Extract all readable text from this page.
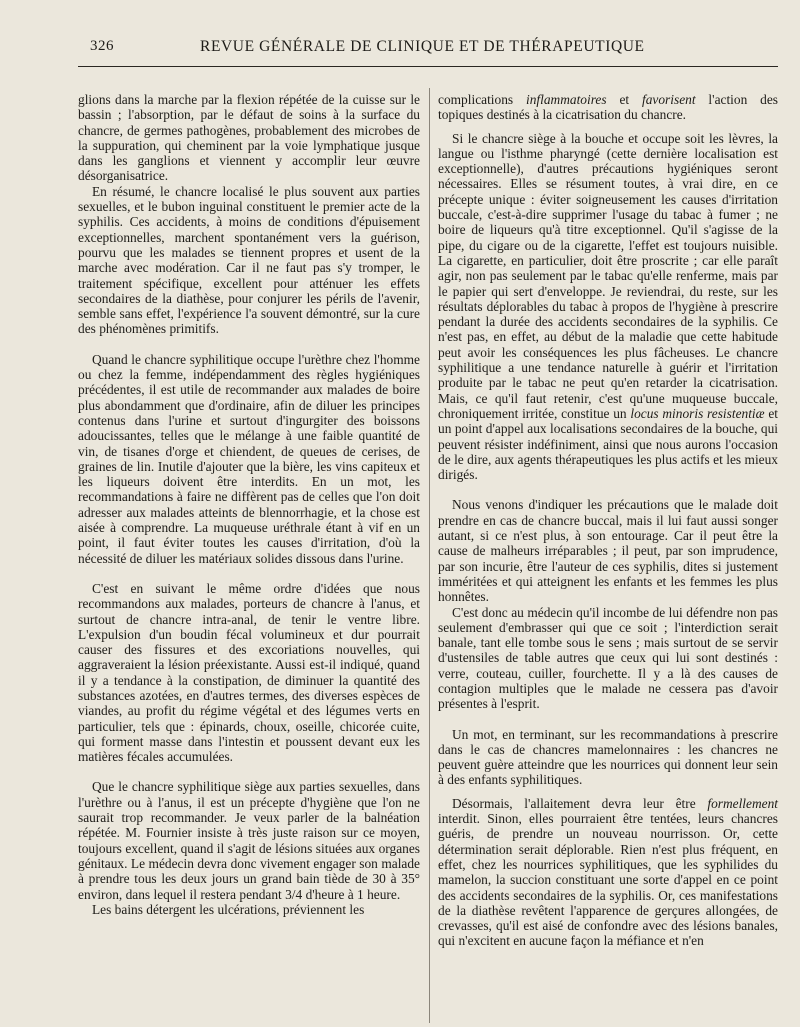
326	REVUE GÉNÉRALE DE CLINIQUE ET DE THÉRAPEUTIQUE

glions dans la marche par la flexion répétée de la cuisse sur le bassin ; l'absorption, par le défaut de soins à la surface du chancre, de germes pathogènes, probablement des microbes de la suppuration, qui cheminent par la voie lymphatique jusque dans les ganglions et viennent y accomplir leur œuvre désorganisatrice.

En résumé, le chancre localisé le plus souvent aux parties sexuelles, et le bubon inguinal constituent le premier acte de la syphilis. Ces accidents, à moins de conditions d'épuisement exceptionnelles, marchent spontanément vers la guérison, pourvu que les malades se tiennent propres et usent de la marche avec modération. Car il ne faut pas s'y tromper, le traitement spécifique, excellent pour atténuer les effets secondaires de la diathèse, pour conjurer les périls de l'avenir, semble sans effet, l'expérience l'a souvent démontré, sur la cure des phénomènes primitifs.

Quand le chancre syphilitique occupe l'urèthre chez l'homme ou chez la femme, indépendamment des règles hygiéniques précédentes, il est utile de recommander aux malades de boire plus abondamment que d'ordinaire, afin de diluer les principes contenus dans l'urine et surtout d'ingurgiter des boissons adoucissantes, telles que le mélange à une faible quantité de vin, de tisanes d'orge et chiendent, de queues de cerises, de graines de lin. Inutile d'ajouter que la bière, les vins capiteux et les liqueurs doivent être interdits. En un mot, les recommandations à faire ne diffèrent pas de celles que l'on doit adresser aux malades atteints de blennorrhagie, et la chose est aisée à comprendre. La muqueuse uréthrale étant à vif en un point, il faut éviter toutes les causes d'irritation, d'où la nécessité de diluer les matériaux solides dissous dans l'urine.

C'est en suivant le même ordre d'idées que nous recommandons aux malades, porteurs de chancre à l'anus, et surtout de chancre intra-anal, de tenir le ventre libre. L'expulsion d'un boudin fécal volumineux et dur pourrait causer des fissures et des excoriations nouvelles, qui aggraveraient la lésion préexistante. Aussi est-il indiqué, quand il y a tendance à la constipation, de diminuer la quantité des substances azotées, en d'autres termes, des diverses espèces de viandes, au profit du régime végétal et des légumes verts en particulier, tels que : épinards, choux, oseille, chicorée cuite, qui forment masse dans l'intestin et poussent devant eux les matières fécales accumulées.

Que le chancre syphilitique siège aux parties sexuelles, dans l'urèthre ou à l'anus, il est un précepte d'hygiène que l'on ne saurait trop recommander. Je veux parler de la balnéation répétée. M. Fournier insiste à très juste raison sur ce moyen, toujours excellent, quand il s'agit de lésions situées aux organes génitaux. Le médecin devra donc vivement engager son malade à prendre tous les deux jours un grand bain tiède de 30 à 35° environ, dans lequel il restera pendant 3/4 d'heure à 1 heure.

Les bains détergent les ulcérations, préviennent les

complications inflammatoires et favorisent l'action des topiques destinés à la cicatrisation du chancre.

Si le chancre siège à la bouche et occupe soit les lèvres, la langue ou l'isthme pharyngé (cette dernière localisation est exceptionnelle), d'autres précautions hygiéniques seront nécessaires. Elles se résument toutes, à vrai dire, en ce précepte unique : éviter soigneusement les causes d'irritation buccale, c'est-à-dire supprimer l'usage du tabac à fumer ; ne boire de liqueurs qu'à titre exceptionnel. Qu'il s'agisse de la pipe, du cigare ou de la cigarette, l'effet est toujours nuisible. La cigarette, en particulier, doit être proscrite ; car elle paraît agir, non pas seulement par le tabac qu'elle renferme, mais par le papier qui sert d'enveloppe. Je reviendrai, du reste, sur les résultats déplorables du tabac à propos de l'hygiène à prescrire pendant la durée des accidents secondaires de la syphilis. Ce n'est pas, en effet, au début de la maladie que cette habitude peut avoir les conséquences les plus fâcheuses. Le chancre syphilitique a une tendance naturelle à guérir et l'irritation produite par le tabac ne peut qu'en retarder la cicatrisation. Mais, ce qu'il faut retenir, c'est qu'une muqueuse buccale, chroniquement irritée, constitue un locus minoris resistentiæ et un point d'appel aux localisations secondaires de la bouche, qui peuvent résister indéfiniment, ainsi que nous aurons l'occasion de le dire, aux agents thérapeutiques les plus actifs et les mieux dirigés.

Nous venons d'indiquer les précautions que le malade doit prendre en cas de chancre buccal, mais il lui faut aussi songer autant, si ce n'est plus, à son entourage. Car il peut être la cause de malheurs irréparables ; il peut, par son imprudence, par son incurie, être l'auteur de ces syphilis, dites si justement imméritées et qui atteignent les enfants et les femmes les plus honnêtes.

C'est donc au médecin qu'il incombe de lui défendre non pas seulement d'embrasser qui que ce soit ; l'interdiction serait banale, tant elle tombe sous le sens ; mais surtout de se servir d'ustensiles de table autres que ceux qui lui sont destinés : verre, couteau, cuiller, fourchette. Il y a là des causes de contagion multiples que le malade ne cessera pas d'avoir présentes à l'esprit.

Un mot, en terminant, sur les recommandations à prescrire dans le cas de chancres mamelonnaires : les chancres ne peuvent guère atteindre que les nourrices qui donnent leur sein à des enfants syphilitiques.

Désormais, l'allaitement devra leur être formellement interdit. Sinon, elles pourraient être tentées, leurs chancres guéris, de prendre un nouveau nourrisson. Or, cette détermination serait déplorable. Rien n'est plus fréquent, en effet, chez les nourrices syphilitiques, que les syphilides du mamelon, la succion constituant une sorte d'appel en ce point des accidents secondaires de la syphilis. Or, ces manifestations de la diathèse revêtent l'apparence de gerçures allongées, de crevasses, qu'il est aisé de confondre avec des lésions banales, qui n'excitent en aucune façon la méfiance et n'en
